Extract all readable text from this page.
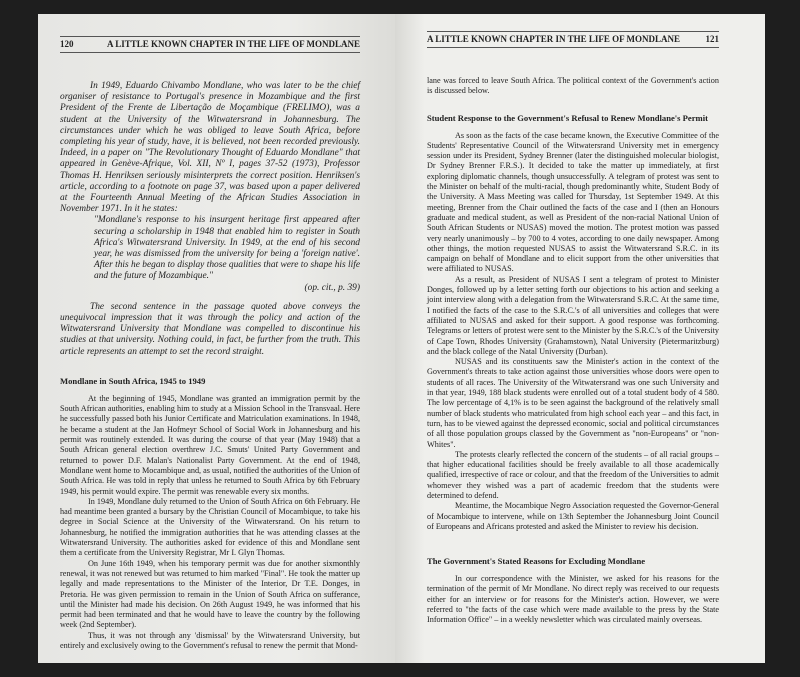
120	A LITTLE KNOWN CHAPTER IN THE LIFE OF MONDLANE

In 1949, Eduardo Chivambo Mondlane, who was later to be the chief organiser of resistance to Portugal's presence in Mozambique and the first President of the Frente de Libertação de Moçambique (FRELIMO), was a student at the University of the Witwatersrand in Johannesburg. The circumstances under which he was obliged to leave South Africa, before completing his year of study, have, it is believed, not been recorded previously. Indeed, in a paper on "The Revolutionary Thought of Eduardo Mondlane" that appeared in Genève-Afrique, Vol. XII, Nº I, pages 37-52 (1973), Professor Thomas H. Henriksen seriously misinterprets the correct position. Henriksen's article, according to a footnote on page 37, was based upon a paper delivered at the Fourteenth Annual Meeting of the African Studies Association in November 1971. In it he states:

"Mondlane's response to his insurgent heritage first appeared after securing a scholarship in 1948 that enabled him to register in South Africa's Witwatersrand University. In 1949, at the end of his second year, he was dismissed from the university for being a 'foreign native'. After this he began to display those qualities that were to shape his life and the future of Mozambique."

(op. cit., p. 39)

The second sentence in the passage quoted above conveys the unequivocal impression that it was through the policy and action of the Witwatersrand University that Mondlane was compelled to discontinue his studies at that university. Nothing could, in fact, be further from the truth. This article represents an attempt to set the record straight.

Mondlane in South Africa, 1945 to 1949

At the beginning of 1945, Mondlane was granted an immigration permit by the South African authorities, enabling him to study at a Mission School in the Transvaal. Here he successfully passed both his Junior Certificate and Matriculation examinations. In 1948, he became a student at the Jan Hofmeyr School of Social Work in Johannesburg and his permit was routinely extended. It was during the course of that year (May 1948) that a South African general election overthrew J.C. Smuts' United Party Government and returned to power D.F. Malan's Nationalist Party Government. At the end of 1948, Mondlane went home to Mocambique and, as usual, notified the authorities of the Union of South Africa. He was told in reply that unless he returned to South Africa by 6th February 1949, his permit would expire. The permit was renewable every six months.

In 1949, Mondlane duly returned to the Union of South Africa on 6th February. He had meantime been granted a bursary by the Christian Council of Mocambique, to take his degree in Social Science at the University of the Witwatersrand. On his return to Johannesburg, he notified the immigration authorities that he was attending classes at the Witwatersrand University. The authorities asked for evidence of this and Mondlane sent them a certificate from the University Registrar, Mr I. Glyn Thomas.

On June 16th 1949, when his temporary permit was due for another sixmonthly renewal, it was not renewed but was returned to him marked "Final". He took the matter up legally and made representations to the Minister of the Interior, Dr T.E. Donges, in Pretoria. He was given permission to remain in the Union of South Africa on sufferance, until the Minister had made his decision. On 26th August 1949, he was informed that his permit had been terminated and that he would have to leave the country by the following week (2nd September).

Thus, it was not through any 'dismissal' by the Witwatersrand University, but entirely and exclusively owing to the Government's refusal to renew the permit that Mond-

A LITTLE KNOWN CHAPTER IN THE LIFE OF MONDLANE	121

lane was forced to leave South Africa. The political context of the Government's action is discussed below.

Student Response to the Government's Refusal to Renew Mondlane's Permit

As soon as the facts of the case became known, the Executive Committee of the Students' Representative Council of the Witwatersrand University met in emergency session under its President, Sydney Brenner (later the distinguished molecular biologist, Dr Sydney Brenner F.R.S.). It decided to take the matter up immediately, at first exploring diplomatic channels, though unsuccessfully. A telegram of protest was sent to the Minister on behalf of the multi-racial, though predominantly white, Student Body of the University. A Mass Meeting was called for Thursday, 1st September 1949. At this meeting, Brenner from the Chair outlined the facts of the case and I (then an Honours graduate and medical student, as well as President of the non-racial National Union of South African Students or NUSAS) moved the motion. The protest motion was passed very nearly unanimously – by 700 to 4 votes, according to one daily newspaper. Among other things, the motion requested NUSAS to assist the Witwatersrand S.R.C. in its campaign on behalf of Mondlane and to elicit support from the other universities that were affiliated to NUSAS.

As a result, as President of NUSAS I sent a telegram of protest to Minister Donges, followed up by a letter setting forth our objections to his action and seeking a joint interview along with a delegation from the Witwatersrand S.R.C. At the same time, I notified the facts of the case to the S.R.C.'s of all universities and colleges that were affiliated to NUSAS and asked for their support. A good response was forthcoming. Telegrams or letters of protest were sent to the Minister by the S.R.C.'s of the University of Cape Town, Rhodes University (Grahamstown), Natal University (Pietermaritzburg) and the black college of the Natal University (Durban).

NUSAS and its constituents saw the Minister's action in the context of the Government's threats to take action against those universities whose doors were open to students of all races. The University of the Witwatersrand was one such University and in that year, 1949, 188 black students were enrolled out of a total student body of 4 580. The low percentage of 4,1% is to be seen against the background of the relatively small number of black students who matriculated from high school each year – and this fact, in turn, has to be viewed against the depressed economic, social and political circumstances of all those population groups classed by the Government as "non-Europeans" or "non-Whites".

The protests clearly reflected the concern of the students – of all racial groups – that higher educational facilities should be freely available to all those academically qualified, irrespective of race or colour, and that the freedom of the Universities to admit whomever they wished was a part of academic freedom that the students were determined to defend.

Meantime, the Mocambique Negro Association requested the Governor-General of Mocambique to intervene, while on 13th September the Johannesburg Joint Council of Europeans and Africans protested and asked the Minister to review his decision.

The Government's Stated Reasons for Excluding Mondlane

In our correspondence with the Minister, we asked for his reasons for the termination of the permit of Mr Mondlane. No direct reply was received to our requests either for an interview or for reasons for the Minister's action. However, we were referred to "the facts of the case which were made available to the press by the State Information Office" – in a weekly newsletter which was circulated mainly overseas.
